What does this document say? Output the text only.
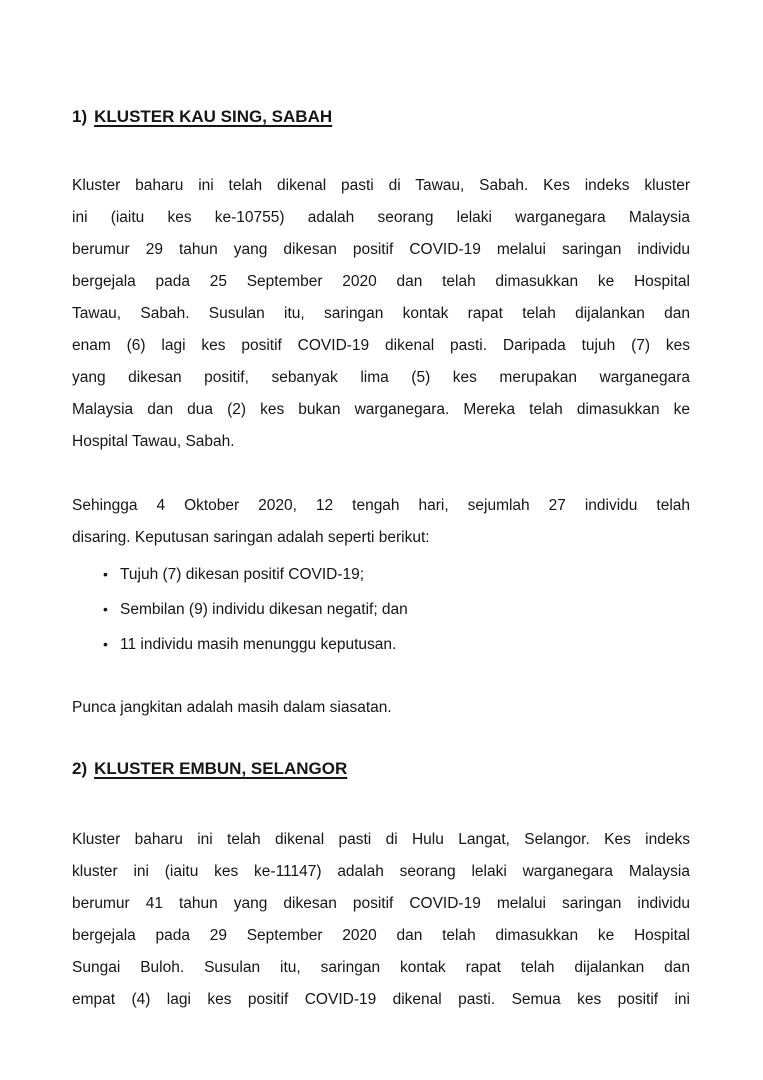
1) KLUSTER KAU SING, SABAH
Kluster baharu ini telah dikenal pasti di Tawau, Sabah. Kes indeks kluster
ini (iaitu kes ke-10755) adalah seorang lelaki warganegara Malaysia
berumur 29 tahun yang dikesan positif COVID-19 melalui saringan individu
bergejala pada 25 September 2020 dan telah dimasukkan ke Hospital
Tawau, Sabah. Susulan itu, saringan kontak rapat telah dijalankan dan
enam (6) lagi kes positif COVID-19 dikenal pasti. Daripada tujuh (7) kes
yang dikesan positif, sebanyak lima (5) kes merupakan warganegara
Malaysia dan dua (2) kes bukan warganegara. Mereka telah dimasukkan ke
Hospital Tawau, Sabah.
Sehingga 4 Oktober 2020, 12 tengah hari, sejumlah 27 individu telah
disaring. Keputusan saringan adalah seperti berikut:
• Tujuh (7) dikesan positif COVID-19;
• Sembilan (9) individu dikesan negatif; dan
• 11 individu masih menunggu keputusan.
Punca jangkitan adalah masih dalam siasatan.
2) KLUSTER EMBUN, SELANGOR
Kluster baharu ini telah dikenal pasti di Hulu Langat, Selangor. Kes indeks
kluster ini (iaitu kes ke-11147) adalah seorang lelaki warganegara Malaysia
berumur 41 tahun yang dikesan positif COVID-19 melalui saringan individu
bergejala pada 29 September 2020 dan telah dimasukkan ke Hospital
Sungai Buloh. Susulan itu, saringan kontak rapat telah dijalankan dan
empat (4) lagi kes positif COVID-19 dikenal pasti. Semua kes positif ini
